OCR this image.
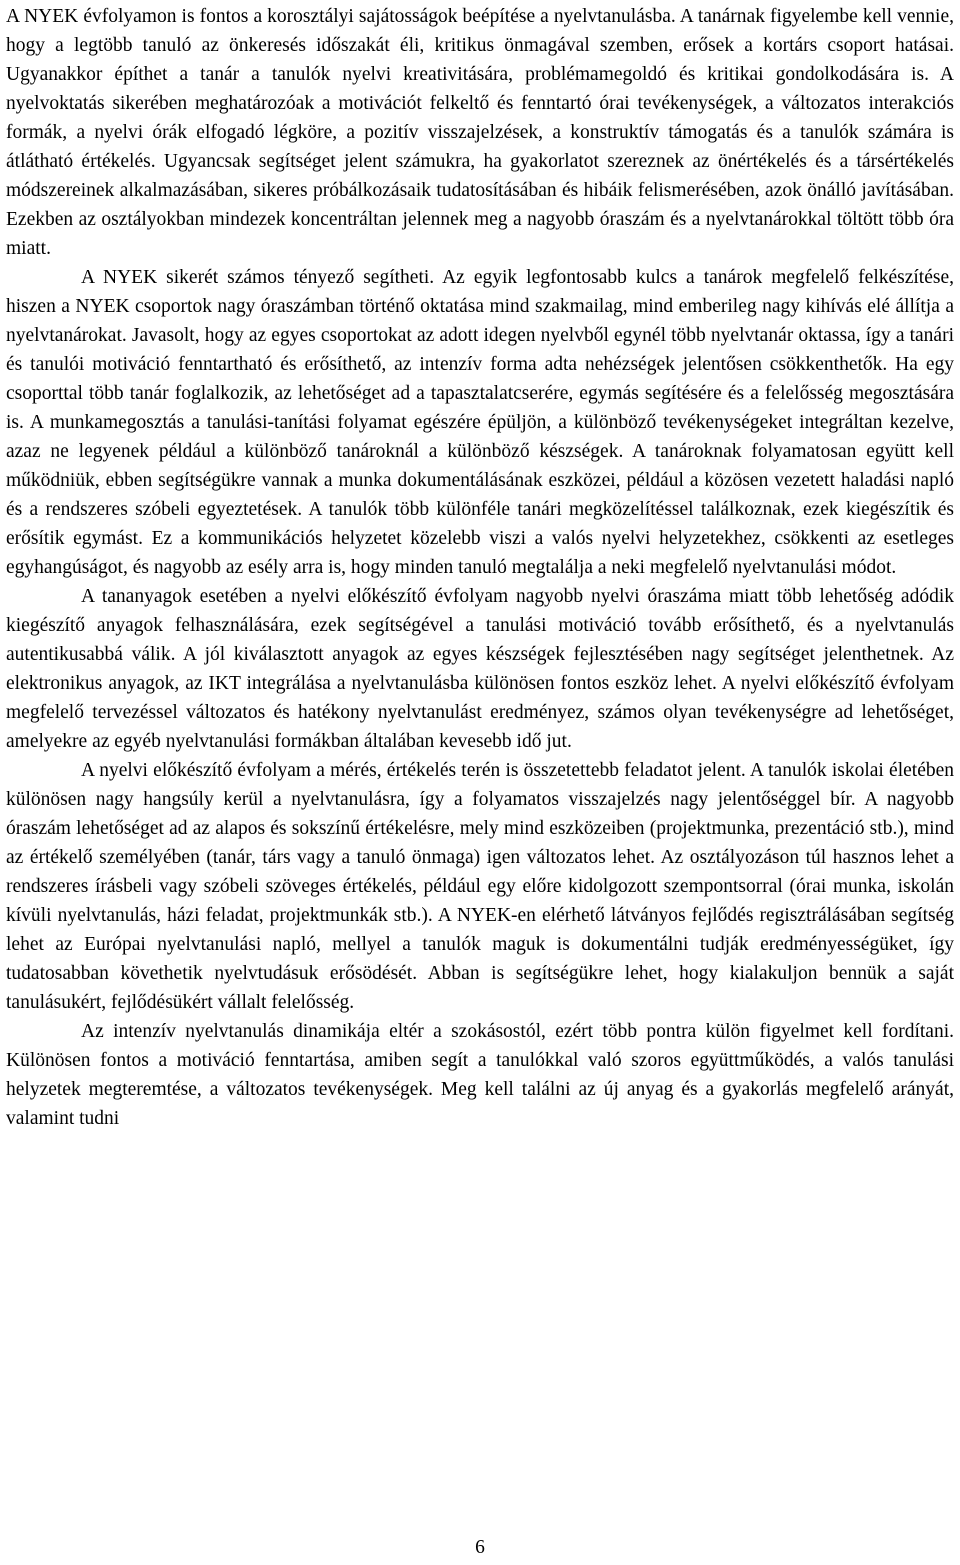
A NYEK évfolyamon is fontos a korosztályi sajátosságok beépítése a nyelvtanulásba. A tanárnak figyelembe kell vennie, hogy a legtöbb tanuló az önkeresés időszakát éli, kritikus önmagával szemben, erősek a kortárs csoport hatásai. Ugyanakkor építhet a tanár a tanulók nyelvi kreativitására, problémamegoldó és kritikai gondolkodására is. A nyelvoktatás sikerében meghatározóak a motivációt felkeltő és fenntartó órai tevékenységek, a változatos interakciós formák, a nyelvi órák elfogadó légköre, a pozitív visszajelzések, a konstruktív támogatás és a tanulók számára is átlátható értékelés. Ugyancsak segítséget jelent számukra, ha gyakorlatot szereznek az önértékelés és a társértékelés módszereinek alkalmazásában, sikeres próbálkozásaik tudatosításában és hibáik felismerésében, azok önálló javításában. Ezekben az osztályokban mindezek koncentráltan jelennek meg a nagyobb óraszám és a nyelvtanárokkal töltött több óra miatt.

A NYEK sikerét számos tényező segítheti. Az egyik legfontosabb kulcs a tanárok megfelelő felkészítése, hiszen a NYEK csoportok nagy óraszámban történő oktatása mind szakmailag, mind emberileg nagy kihívás elé állítja a nyelvtanárokat. Javasolt, hogy az egyes csoportokat az adott idegen nyelvből egynél több nyelvtanár oktassa, így a tanári és tanulói motiváció fenntartható és erősíthető, az intenzív forma adta nehézségek jelentősen csökkenthetők. Ha egy csoporttal több tanár foglalkozik, az lehetőséget ad a tapasztalatcserére, egymás segítésére és a felelősség megosztására is. A munkamegosztás a tanulási-tanítási folyamat egészére épüljön, a különböző tevékenységeket integráltan kezelve, azaz ne legyenek például a különböző tanároknál a különböző készségek. A tanároknak folyamatosan együtt kell működniük, ebben segítségükre vannak a munka dokumentálásának eszközei, például a közösen vezetett haladási napló és a rendszeres szóbeli egyeztetések. A tanulók több különféle tanári megközelítéssel találkoznak, ezek kiegészítik és erősítik egymást. Ez a kommunikációs helyzetet közelebb viszi a valós nyelvi helyzetekhez, csökkenti az esetleges egyhangúságot, és nagyobb az esély arra is, hogy minden tanuló megtalálja a neki megfelelő nyelvtanulási módot.

A tananyagok esetében a nyelvi előkészítő évfolyam nagyobb nyelvi óraszáma miatt több lehetőség adódik kiegészítő anyagok felhasználására, ezek segítségével a tanulási motiváció tovább erősíthető, és a nyelvtanulás autentikusabbá válik. A jól kiválasztott anyagok az egyes készségek fejlesztésében nagy segítséget jelenthetnek. Az elektronikus anyagok, az IKT integrálása a nyelvtanulásba különösen fontos eszköz lehet. A nyelvi előkészítő évfolyam megfelelő tervezéssel változatos és hatékony nyelvtanulást eredményez, számos olyan tevékenységre ad lehetőséget, amelyekre az egyéb nyelvtanulási formákban általában kevesebb idő jut.

A nyelvi előkészítő évfolyam a mérés, értékelés terén is összetettebb feladatot jelent. A tanulók iskolai életében különösen nagy hangsúly kerül a nyelvtanulásra, így a folyamatos visszajelzés nagy jelentőséggel bír. A nagyobb óraszám lehetőséget ad az alapos és sokszínű értékelésre, mely mind eszközeiben (projektmunka, prezentáció stb.), mind az értékelő személyében (tanár, társ vagy a tanuló önmaga) igen változatos lehet. Az osztályozáson túl hasznos lehet a rendszeres írásbeli vagy szóbeli szöveges értékelés, például egy előre kidolgozott szempontsorral (órai munka, iskolán kívüli nyelvtanulás, házi feladat, projektmunkák stb.). A NYEK-en elérhető látványos fejlődés regisztrálásában segítség lehet az Európai nyelvtanulási napló, mellyel a tanulók maguk is dokumentálni tudják eredményességüket, így tudatosabban követhetik nyelvtudásuk erősödését. Abban is segítségükre lehet, hogy kialakuljon bennük a saját tanulásukért, fejlődésükért vállalt felelősség.

Az intenzív nyelvtanulás dinamikája eltér a szokásostól, ezért több pontra külön figyelmet kell fordítani. Különösen fontos a motiváció fenntartása, amiben segít a tanulókkal való szoros együttműködés, a valós tanulási helyzetek megteremtése, a változatos tevékenységek. Meg kell találni az új anyag és a gyakorlás megfelelő arányát, valamint tudni

6
